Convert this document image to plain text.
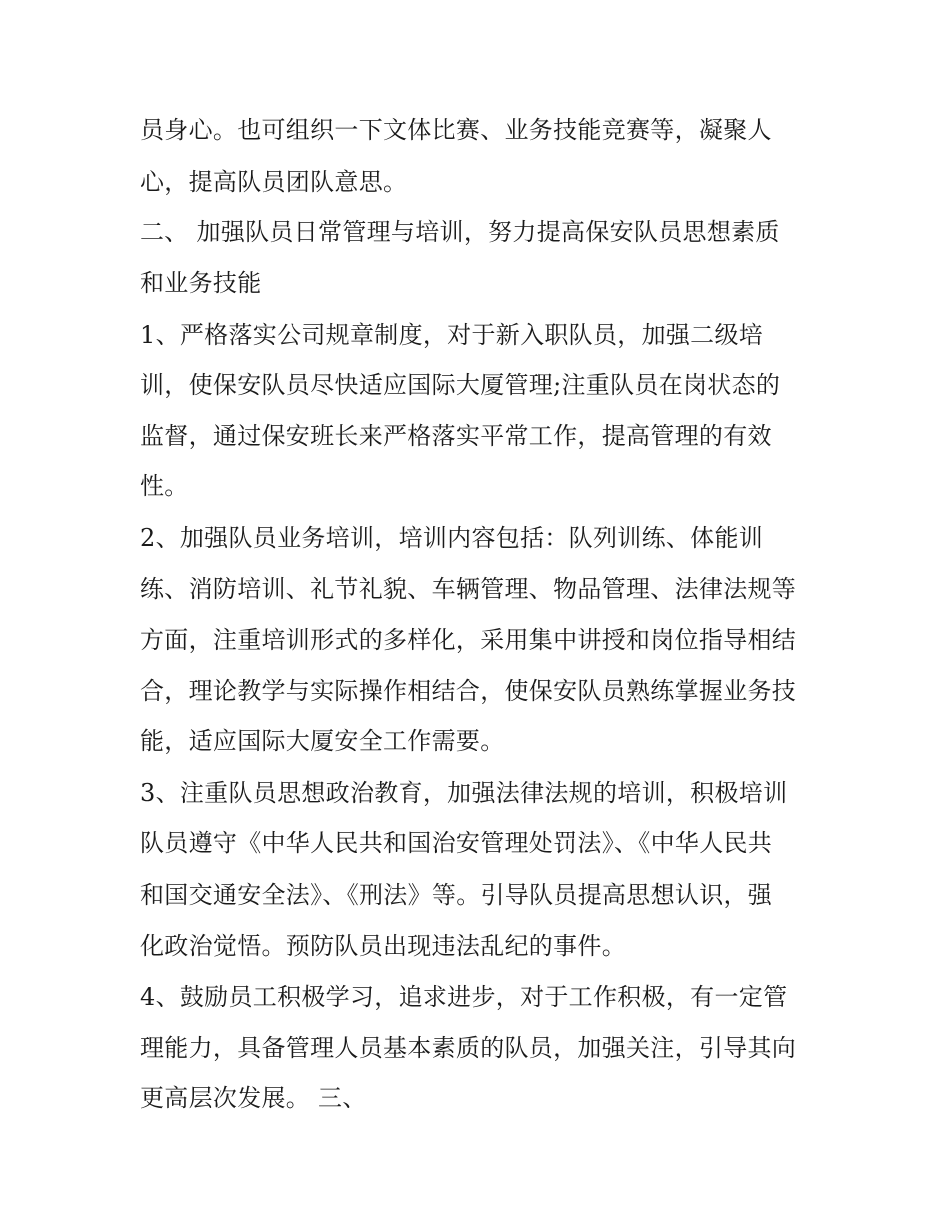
员身心。也可组织一下文体比赛、业务技能竞赛等，凝聚人
心，提高队员团队意思。
二、 加强队员日常管理与培训，努力提高保安队员思想素质
和业务技能
1、严格落实公司规章制度，对于新入职队员，加强二级培
训，使保安队员尽快适应国际大厦管理;注重队员在岗状态的
监督，通过保安班长来严格落实平常工作，提高管理的有效
性。
2、加强队员业务培训，培训内容包括：队列训练、体能训
练、消防培训、礼节礼貌、车辆管理、物品管理、法律法规等
方面，注重培训形式的多样化，采用集中讲授和岗位指导相结
合，理论教学与实际操作相结合，使保安队员熟练掌握业务技
能，适应国际大厦安全工作需要。
3、注重队员思想政治教育，加强法律法规的培训，积极培训
队员遵守《中华人民共和国治安管理处罚法》、《中华人民共
和国交通安全法》、《刑法》等。引导队员提高思想认识，强
化政治觉悟。预防队员出现违法乱纪的事件。
4、鼓励员工积极学习，追求进步，对于工作积极，有一定管
理能力，具备管理人员基本素质的队员，加强关注，引导其向
更高层次发展。 三、
